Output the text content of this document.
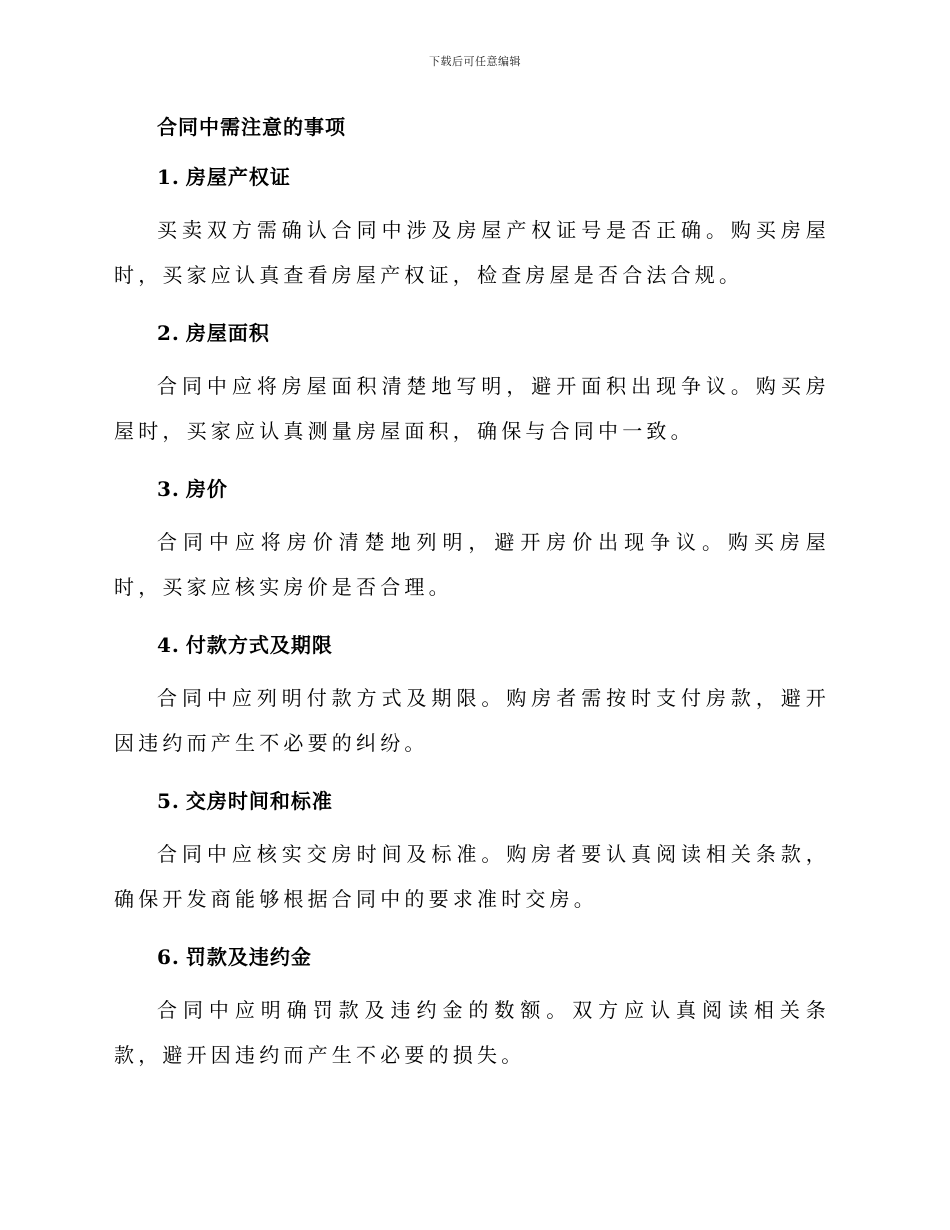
下载后可任意编辑
合同中需注意的事项
1. 房屋产权证

买卖双方需确认合同中涉及房屋产权证号是否正确。购买房屋时，买家应认真查看房屋产权证，检查房屋是否合法合规。

2. 房屋面积

合同中应将房屋面积清楚地写明，避开面积出现争议。购买房屋时，买家应认真测量房屋面积，确保与合同中一致。

3. 房价

合同中应将房价清楚地列明，避开房价出现争议。购买房屋时，买家应核实房价是否合理。

4. 付款方式及期限

合同中应列明付款方式及期限。购房者需按时支付房款，避开因违约而产生不必要的纠纷。

5. 交房时间和标准

合同中应核实交房时间及标准。购房者要认真阅读相关条款，确保开发商能够根据合同中的要求准时交房。

6. 罚款及违约金

合同中应明确罚款及违约金的数额。双方应认真阅读相关条款，避开因违约而产生不必要的损失。
